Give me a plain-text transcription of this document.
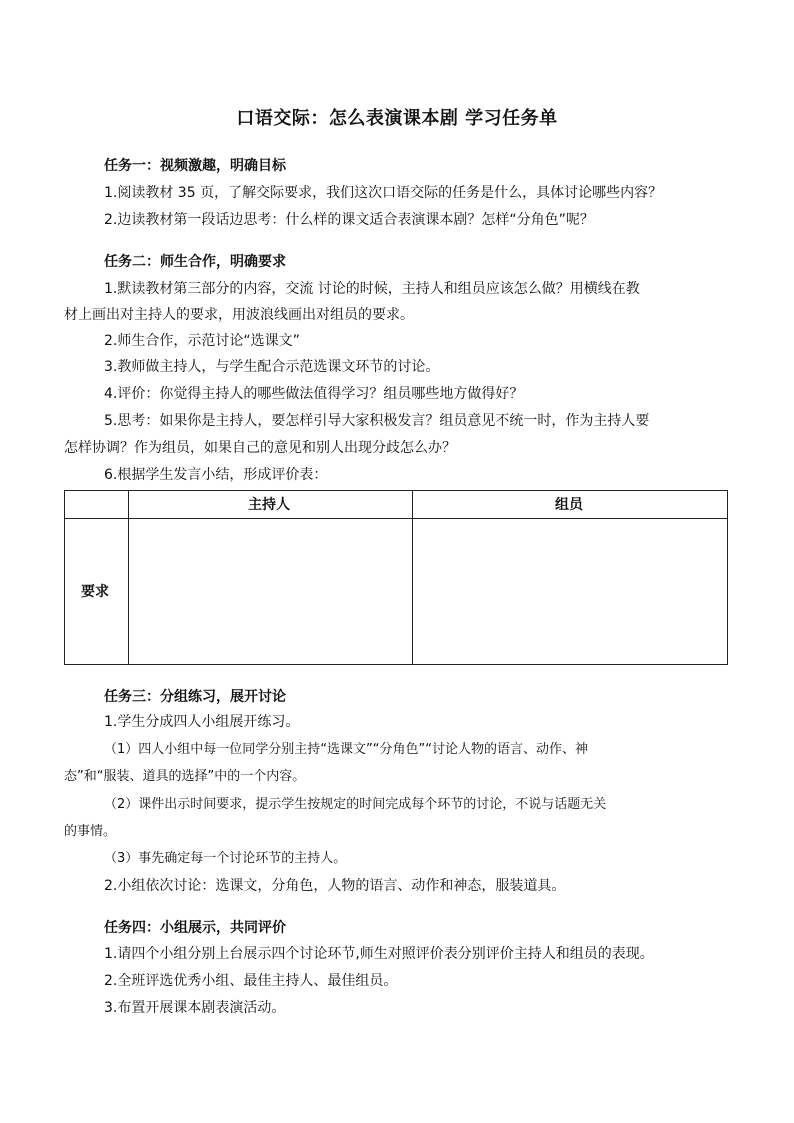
口语交际：怎么表演课本剧 学习任务单
任务一：视频激趣，明确目标
1.阅读教材 35 页，了解交际要求，我们这次口语交际的任务是什么，具体讨论哪些内容？
2.边读教材第一段话边思考：什么样的课文适合表演课本剧？怎样“分角色”呢？
任务二：师生合作，明确要求
1.默读教材第三部分的内容，交流 讨论的时候，主持人和组员应该怎么做？用横线在教
材上画出对主持人的要求，用波浪线画出对组员的要求。
2.师生合作，示范讨论“选课文”
3.教师做主持人，与学生配合示范选课文环节的讨论。
4.评价：你觉得主持人的哪些做法值得学习？组员哪些地方做得好？
5.思考：如果你是主持人，要怎样引导大家积极发言？组员意见不统一时，作为主持人要
怎样协调？作为组员，如果自己的意见和别人出现分歧怎么办？
6.根据学生发言小结，形成评价表：
主持人	组员
要求
任务三：分组练习，展开讨论
1.学生分成四人小组展开练习。
（1）四人小组中每一位同学分别主持“选课文”“分角色”“讨论人物的语言、动作、神
态”和“服装、道具的选择”中的一个内容。
（2）课件出示时间要求，提示学生按规定的时间完成每个环节的讨论，不说与话题无关
的事情。
（3）事先确定每一个讨论环节的主持人。
2.小组依次讨论：选课文，分角色，人物的语言、动作和神态，服装道具。
任务四：小组展示，共同评价
1.请四个小组分别上台展示四个讨论环节,师生对照评价表分别评价主持人和组员的表现。
2.全班评选优秀小组、最佳主持人、最佳组员。
3.布置开展课本剧表演活动。
